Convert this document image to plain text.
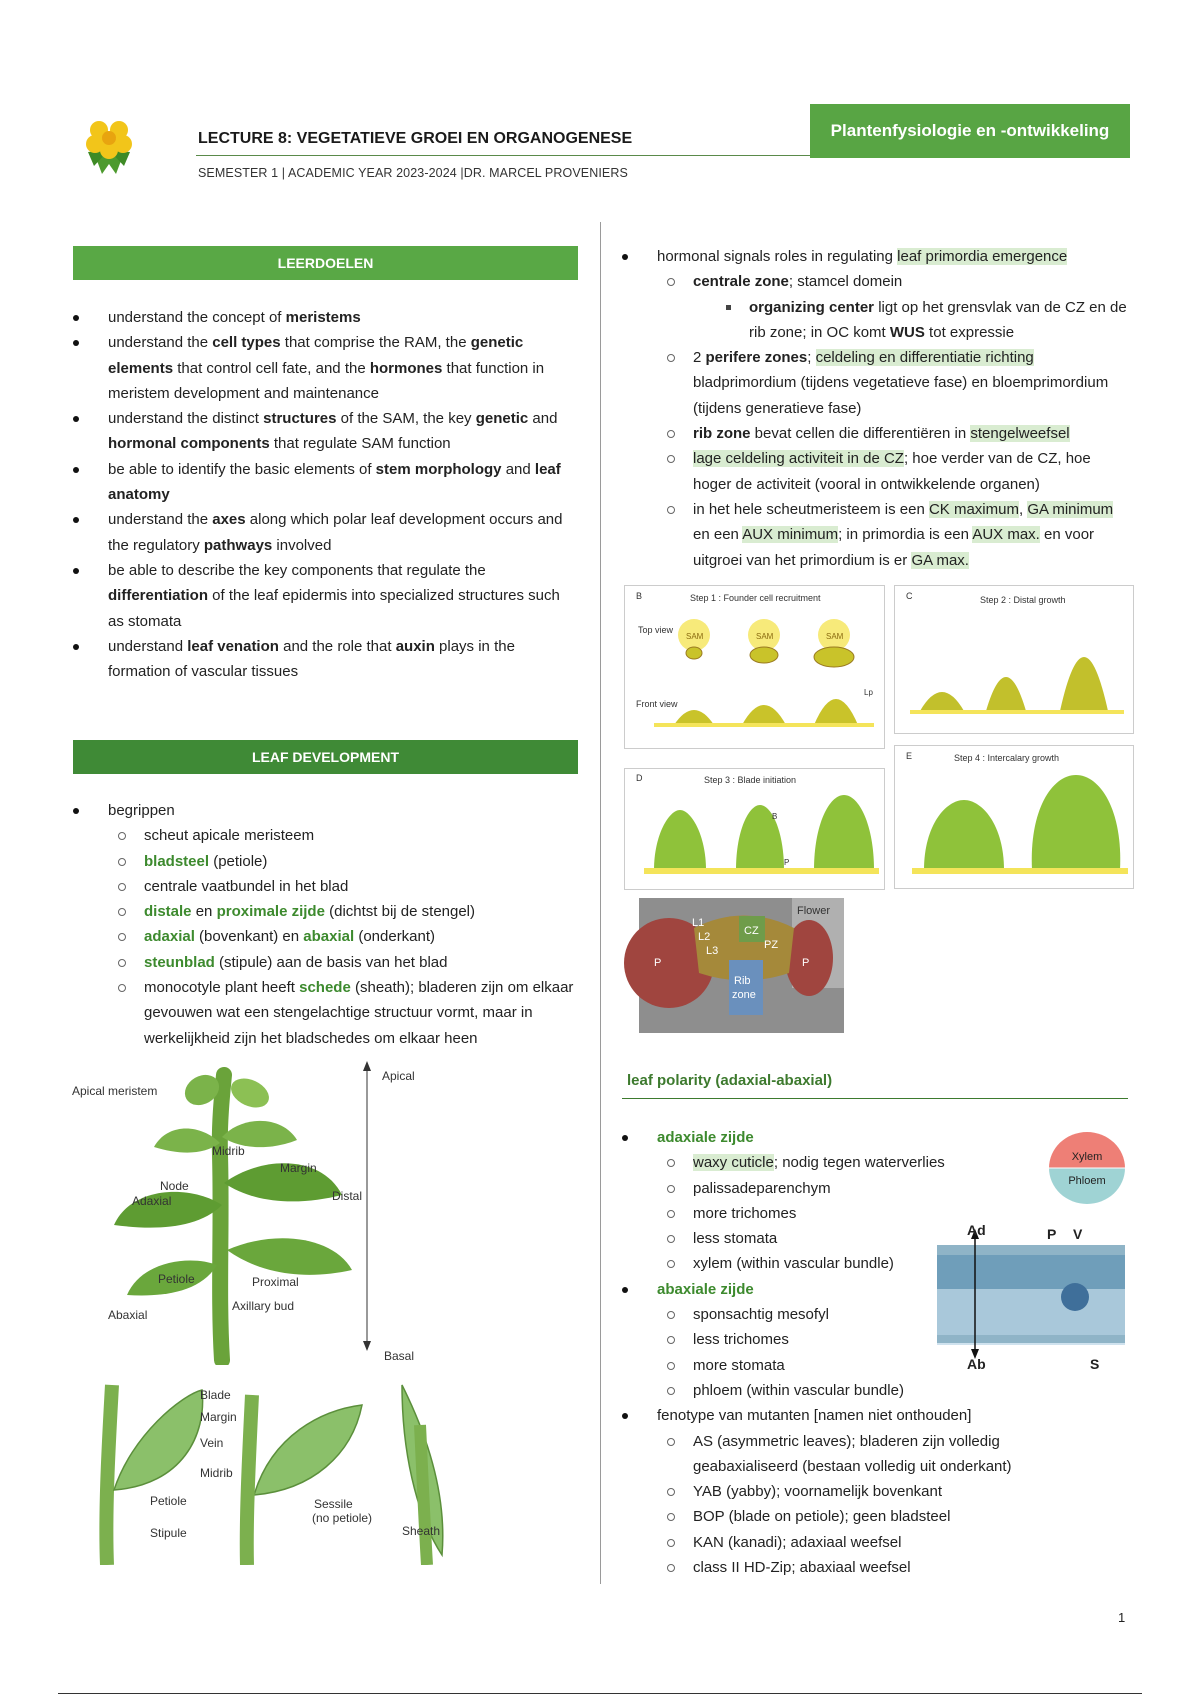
LECTURE 8: VEGETATIEVE GROEI EN ORGANOGENESE
SEMESTER 1 | ACADEMIC YEAR 2023-2024 |DR. MARCEL PROVENIERS
Plantenfysiologie en -ontwikkeling
LEERDOELEN
understand the concept of meristems
understand the cell types that comprise the RAM, the genetic elements that control cell fate, and the hormones that function in meristem development and maintenance
understand the distinct structures of the SAM, the key genetic and hormonal components that regulate SAM function
be able to identify the basic elements of stem morphology and leaf anatomy
understand the axes along which polar leaf development occurs and the regulatory pathways involved
be able to describe the key components that regulate the differentiation of the leaf epidermis into specialized structures such as stomata
understand leaf venation and the role that auxin plays in the formation of vascular tissues
LEAF DEVELOPMENT
begrippen
scheut apicale meristeem
bladsteel (petiole)
centrale vaatbundel in het blad
distale en proximale zijde (dichtst bij de stengel)
adaxial (bovenkant) en abaxial (onderkant)
steunblad (stipule) aan de basis van het blad
monocotyle plant heeft schede (sheath); bladeren zijn om elkaar gevouwen wat een stengelachtige structuur vormt, maar in werkelijkheid zijn het bladschedes om elkaar heen
Apical meristem
Midrib
Margin
Node
Adaxial	Distal
Petiole	Proximal
Axillary bud
Abaxial
Apical
Basal
Blade
Margin
Vein
Midrib
Petiole
Stipule
Sessile
(no petiole)
Sheath
hormonal signals roles in regulating leaf primordia emergence
centrale zone; stamcel domein
organizing center ligt op het grensvlak van de CZ en de rib zone; in OC komt WUS tot expressie
2 perifere zones; celdeling en differentiatie richting bladprimordium (tijdens vegetatieve fase) en bloemprimordium (tijdens generatieve fase)
rib zone bevat cellen die differentiëren in stengelweefsel
lage celdeling activiteit in de CZ; hoe verder van de CZ, hoe hoger de activiteit (vooral in ontwikkelende organen)
in het hele scheutmeristeem is een CK maximum, GA minimum en een AUX minimum; in primordia is een AUX max. en voor uitgroei van het primordium is er GA max.
B	Step 1 : Founder cell recruitment
Top view
Front view
SAM	SAM	SAM
Lp
C	Step 2 : Distal growth
D	Step 3 : Blade initiation
B
P
E	Step 4 : Intercalary growth
Flower
L1
L2
L3
CZ
PZ
Rib
zone
P	P
leaf polarity (adaxial-abaxial)
adaxiale zijde
waxy cuticle; nodig tegen waterverlies
palissadeparenchym
more trichomes
less stomata
xylem (within vascular bundle)
abaxiale zijde
sponsachtig mesofyl
less trichomes
more stomata
phloem (within vascular bundle)
fenotype van mutanten [namen niet onthouden]
AS (asymmetric leaves); bladeren zijn volledig geabaxialiseerd (bestaan volledig uit onderkant)
YAB (yabby); voornamelijk bovenkant
BOP (blade on petiole); geen bladsteel
KAN (kanadi); adaxiaal weefsel
class II HD-Zip; abaxiaal weefsel
Xylem
Phloem
Ad	P V
Ab	S
1
